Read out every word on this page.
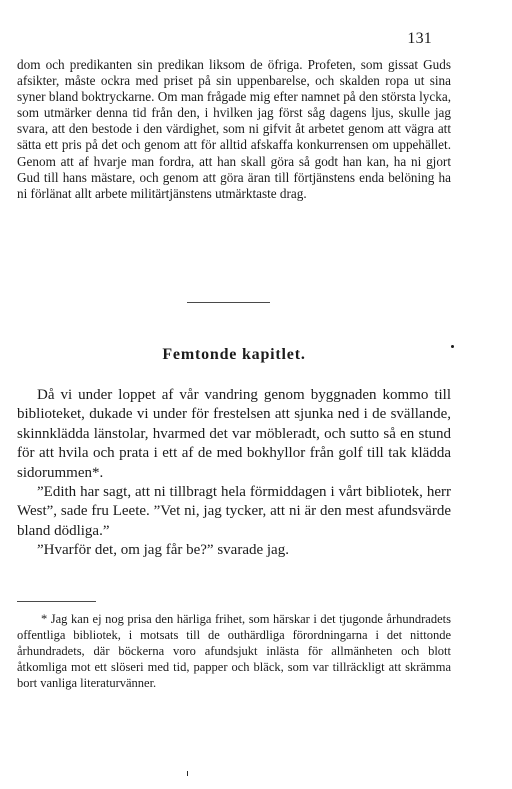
131

dom och predikanten sin predikan liksom de öfriga. Profeten, som gissat Guds afsikter, måste ockra med priset på sin uppenbarelse, och skalden ropa ut sina syner bland boktryckarne. Om man frågade mig efter namnet på den största lycka, som utmärker denna tid från den, i hvilken jag först såg dagens ljus, skulle jag svara, att den bestode i den värdighet, som ni gifvit åt arbetet genom att vägra att sätta ett pris på det och genom att för alltid afskaffa konkurrensen om uppehället. Genom att af hvarje man fordra, att han skall göra så godt han kan, ha ni gjort Gud till hans mästare, och genom att göra äran till förtjänstens enda belöning ha ni förlänat allt arbete militärtjänstens utmärktaste drag.

Femtonde kapitlet.

Då vi under loppet af vår vandring genom byggnaden kommo till biblioteket, dukade vi under för frestelsen att sjunka ned i de svällande, skinnklädda länstolar, hvarmed det var möbleradt, och sutto så en stund för att hvila och prata i ett af de med bokhyllor från golf till tak klädda sidorummen*.

”Edith har sagt, att ni tillbragt hela förmiddagen i vårt bibliotek, herr West”, sade fru Leete. ”Vet ni, jag tycker, att ni är den mest afundsvärde bland dödliga.”

”Hvarför det, om jag får be?” svarade jag.

* Jag kan ej nog prisa den härliga frihet, som härskar i det tjugonde århundradets offentliga bibliotek, i motsats till de outhärdliga förordningarna i det nittonde århundradets, där böckerna voro afundsjukt inlästa för allmänheten och blott åtkomliga mot ett slöseri med tid, papper och bläck, som var tillräckligt att skrämma bort vanliga literaturvänner.
